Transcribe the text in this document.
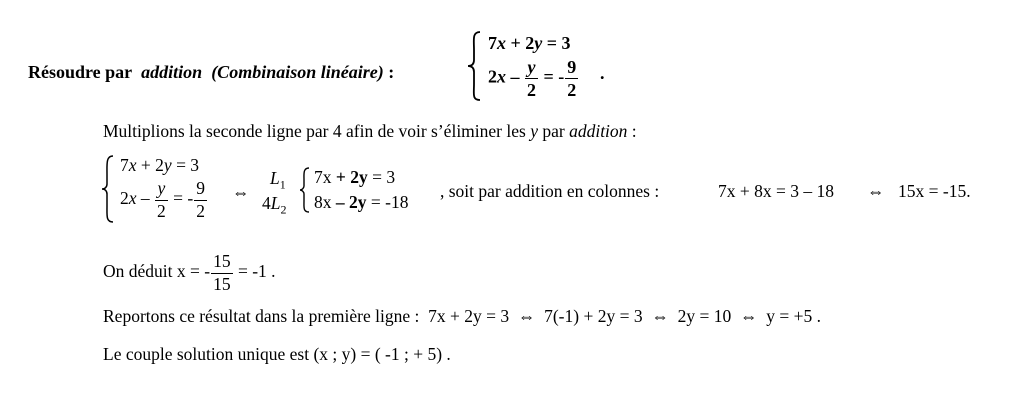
Résoudre par addition (Combinaison linéaire) :
7x + 2y = 3
$2x - \frac{y}{2}$ = - $\frac{9}{2}$ .
Multiplions la seconde ligne par 4 afin de voir s’éliminer les y par addition :
7x + 2y = 3
$2x - \frac{y}{2}$ = - $\frac{9}{2}$ ⇔
$L_1$
$4L_2$
7x + 2y = 3
8x – 2y = -18
, soit par addition en colonnes :	7x + 8x = 3 – 18 ⇔ 15x = -15.
On déduit x = - $\frac{15}{15} = -1$ .
Reportons ce résultat dans la première ligne : 7x + 2y = 3 ⇔ 7(-1) + 2y = 3 ⇔ 2y = 10 ⇔ y = +5 .
Le couple solution unique est (x ; y) = ( -1 ; + 5) .
